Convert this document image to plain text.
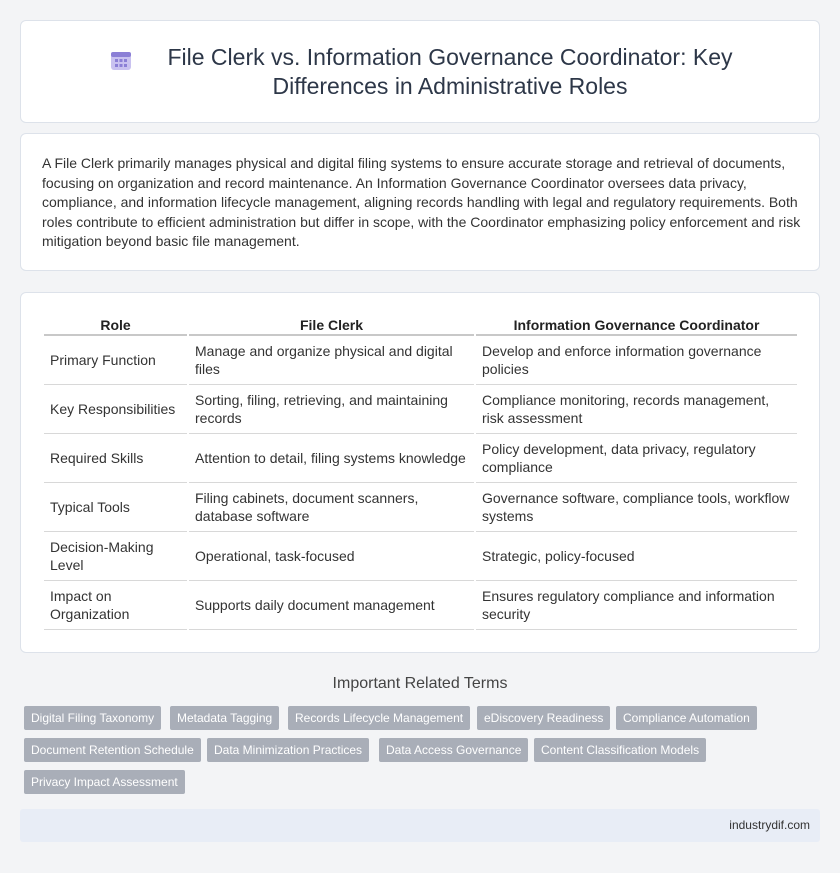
File Clerk vs. Information Governance Coordinator: Key Differences in Administrative Roles

A File Clerk primarily manages physical and digital filing systems to ensure accurate storage and retrieval of documents, focusing on organization and record maintenance. An Information Governance Coordinator oversees data privacy, compliance, and information lifecycle management, aligning records handling with legal and regulatory requirements. Both roles contribute to efficient administration but differ in scope, with the Coordinator emphasizing policy enforcement and risk mitigation beyond basic file management.

Role	File Clerk	Information Governance Coordinator
Primary Function	Manage and organize physical and digital files	Develop and enforce information governance policies
Key Responsibilities	Sorting, filing, retrieving, and maintaining records	Compliance monitoring, records management, risk assessment
Required Skills	Attention to detail, filing systems knowledge	Policy development, data privacy, regulatory compliance
Typical Tools	Filing cabinets, document scanners, database software	Governance software, compliance tools, workflow systems
Decision-Making Level	Operational, task-focused	Strategic, policy-focused
Impact on Organization	Supports daily document management	Ensures regulatory compliance and information security
Important Related Terms
Digital Filing Taxonomy	Metadata Tagging	Records Lifecycle Management	eDiscovery Readiness	Compliance Automation
Document Retention Schedule	Data Minimization Practices	Data Access Governance	Content Classification Models
Privacy Impact Assessment
industrydif.com
